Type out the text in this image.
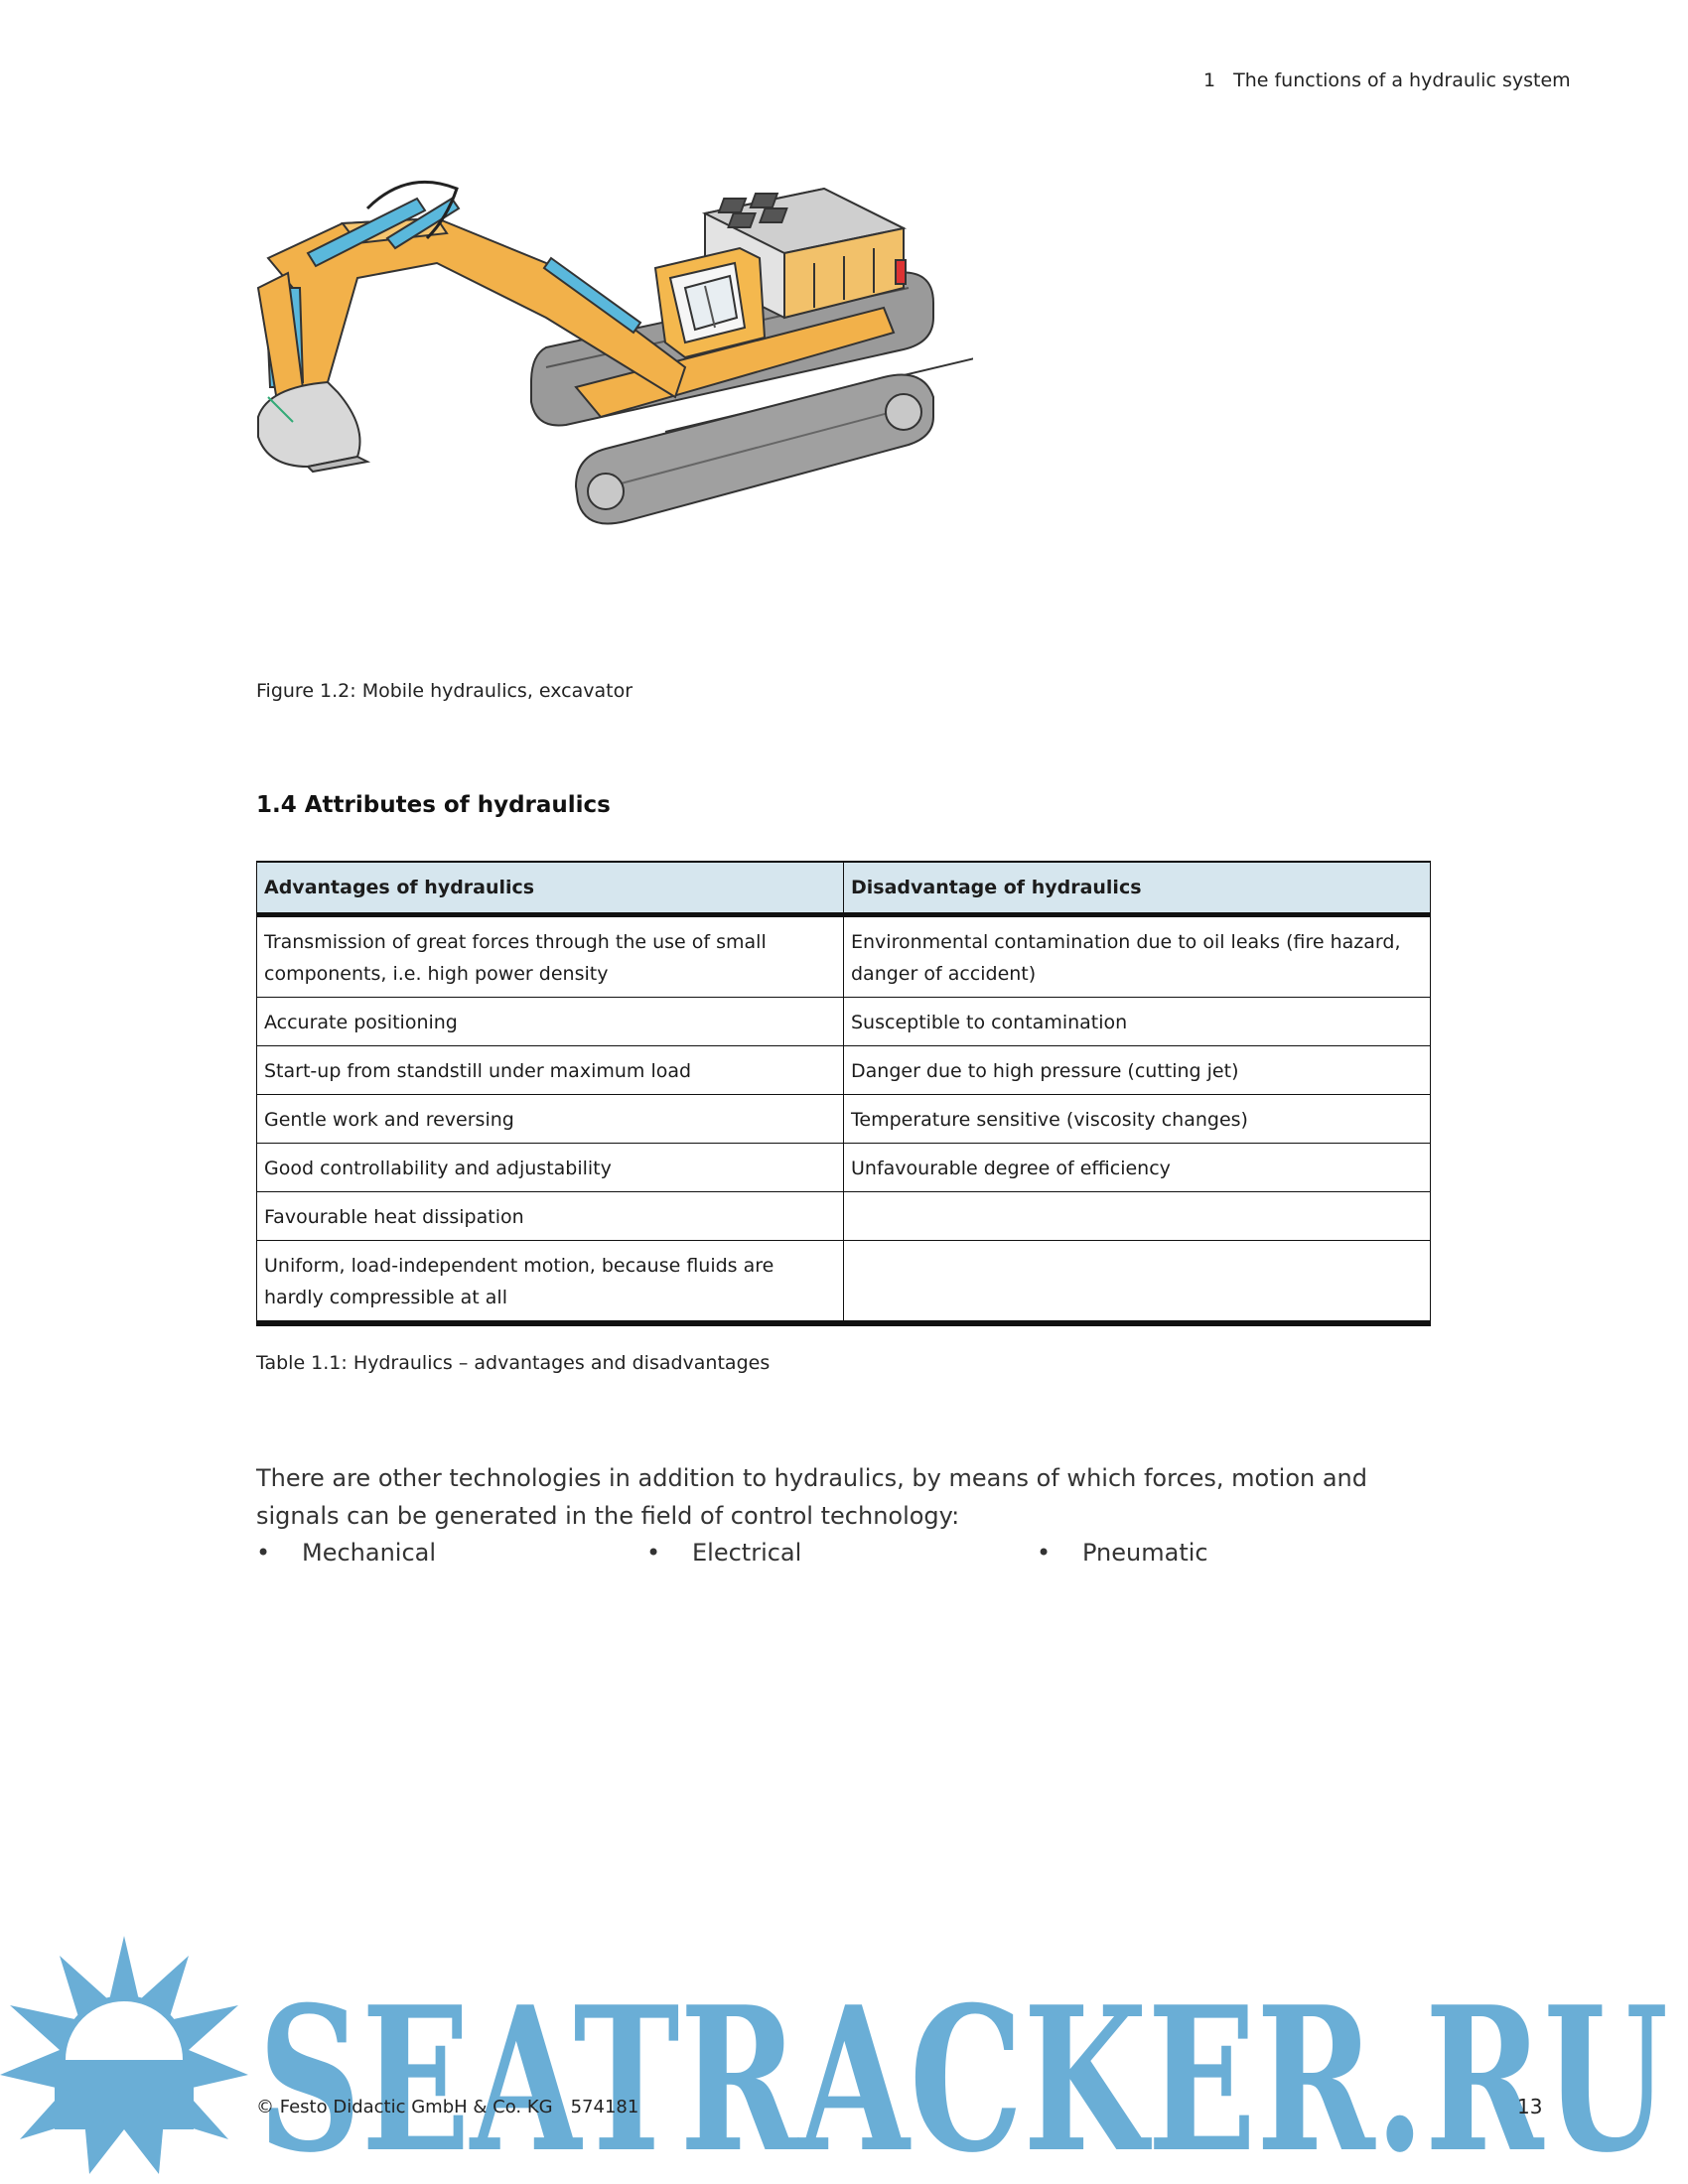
1 The functions of a hydraulic system
Figure 1.2: Mobile hydraulics, excavator
1.4 Attributes of hydraulics
Advantages of hydraulics	Disadvantage of hydraulics
Transmission of great forces through the use of small components, i.e. high power density	Environmental contamination due to oil leaks (fire hazard, danger of accident)
Accurate positioning	Susceptible to contamination
Start-up from standstill under maximum load	Danger due to high pressure (cutting jet)
Gentle work and reversing	Temperature sensitive (viscosity changes)
Good controllability and adjustability	Unfavourable degree of efficiency
Favourable heat dissipation	
Uniform, load-independent motion, because fluids are hardly compressible at all	
Table 1.1: Hydraulics – advantages and disadvantages
There are other technologies in addition to hydraulics, by means of which forces, motion and signals can be generated in the field of control technology:
• Mechanical	• Electrical	• Pneumatic
SEATRACKER.RU
© Festo Didactic GmbH & Co. KG 574181	13
